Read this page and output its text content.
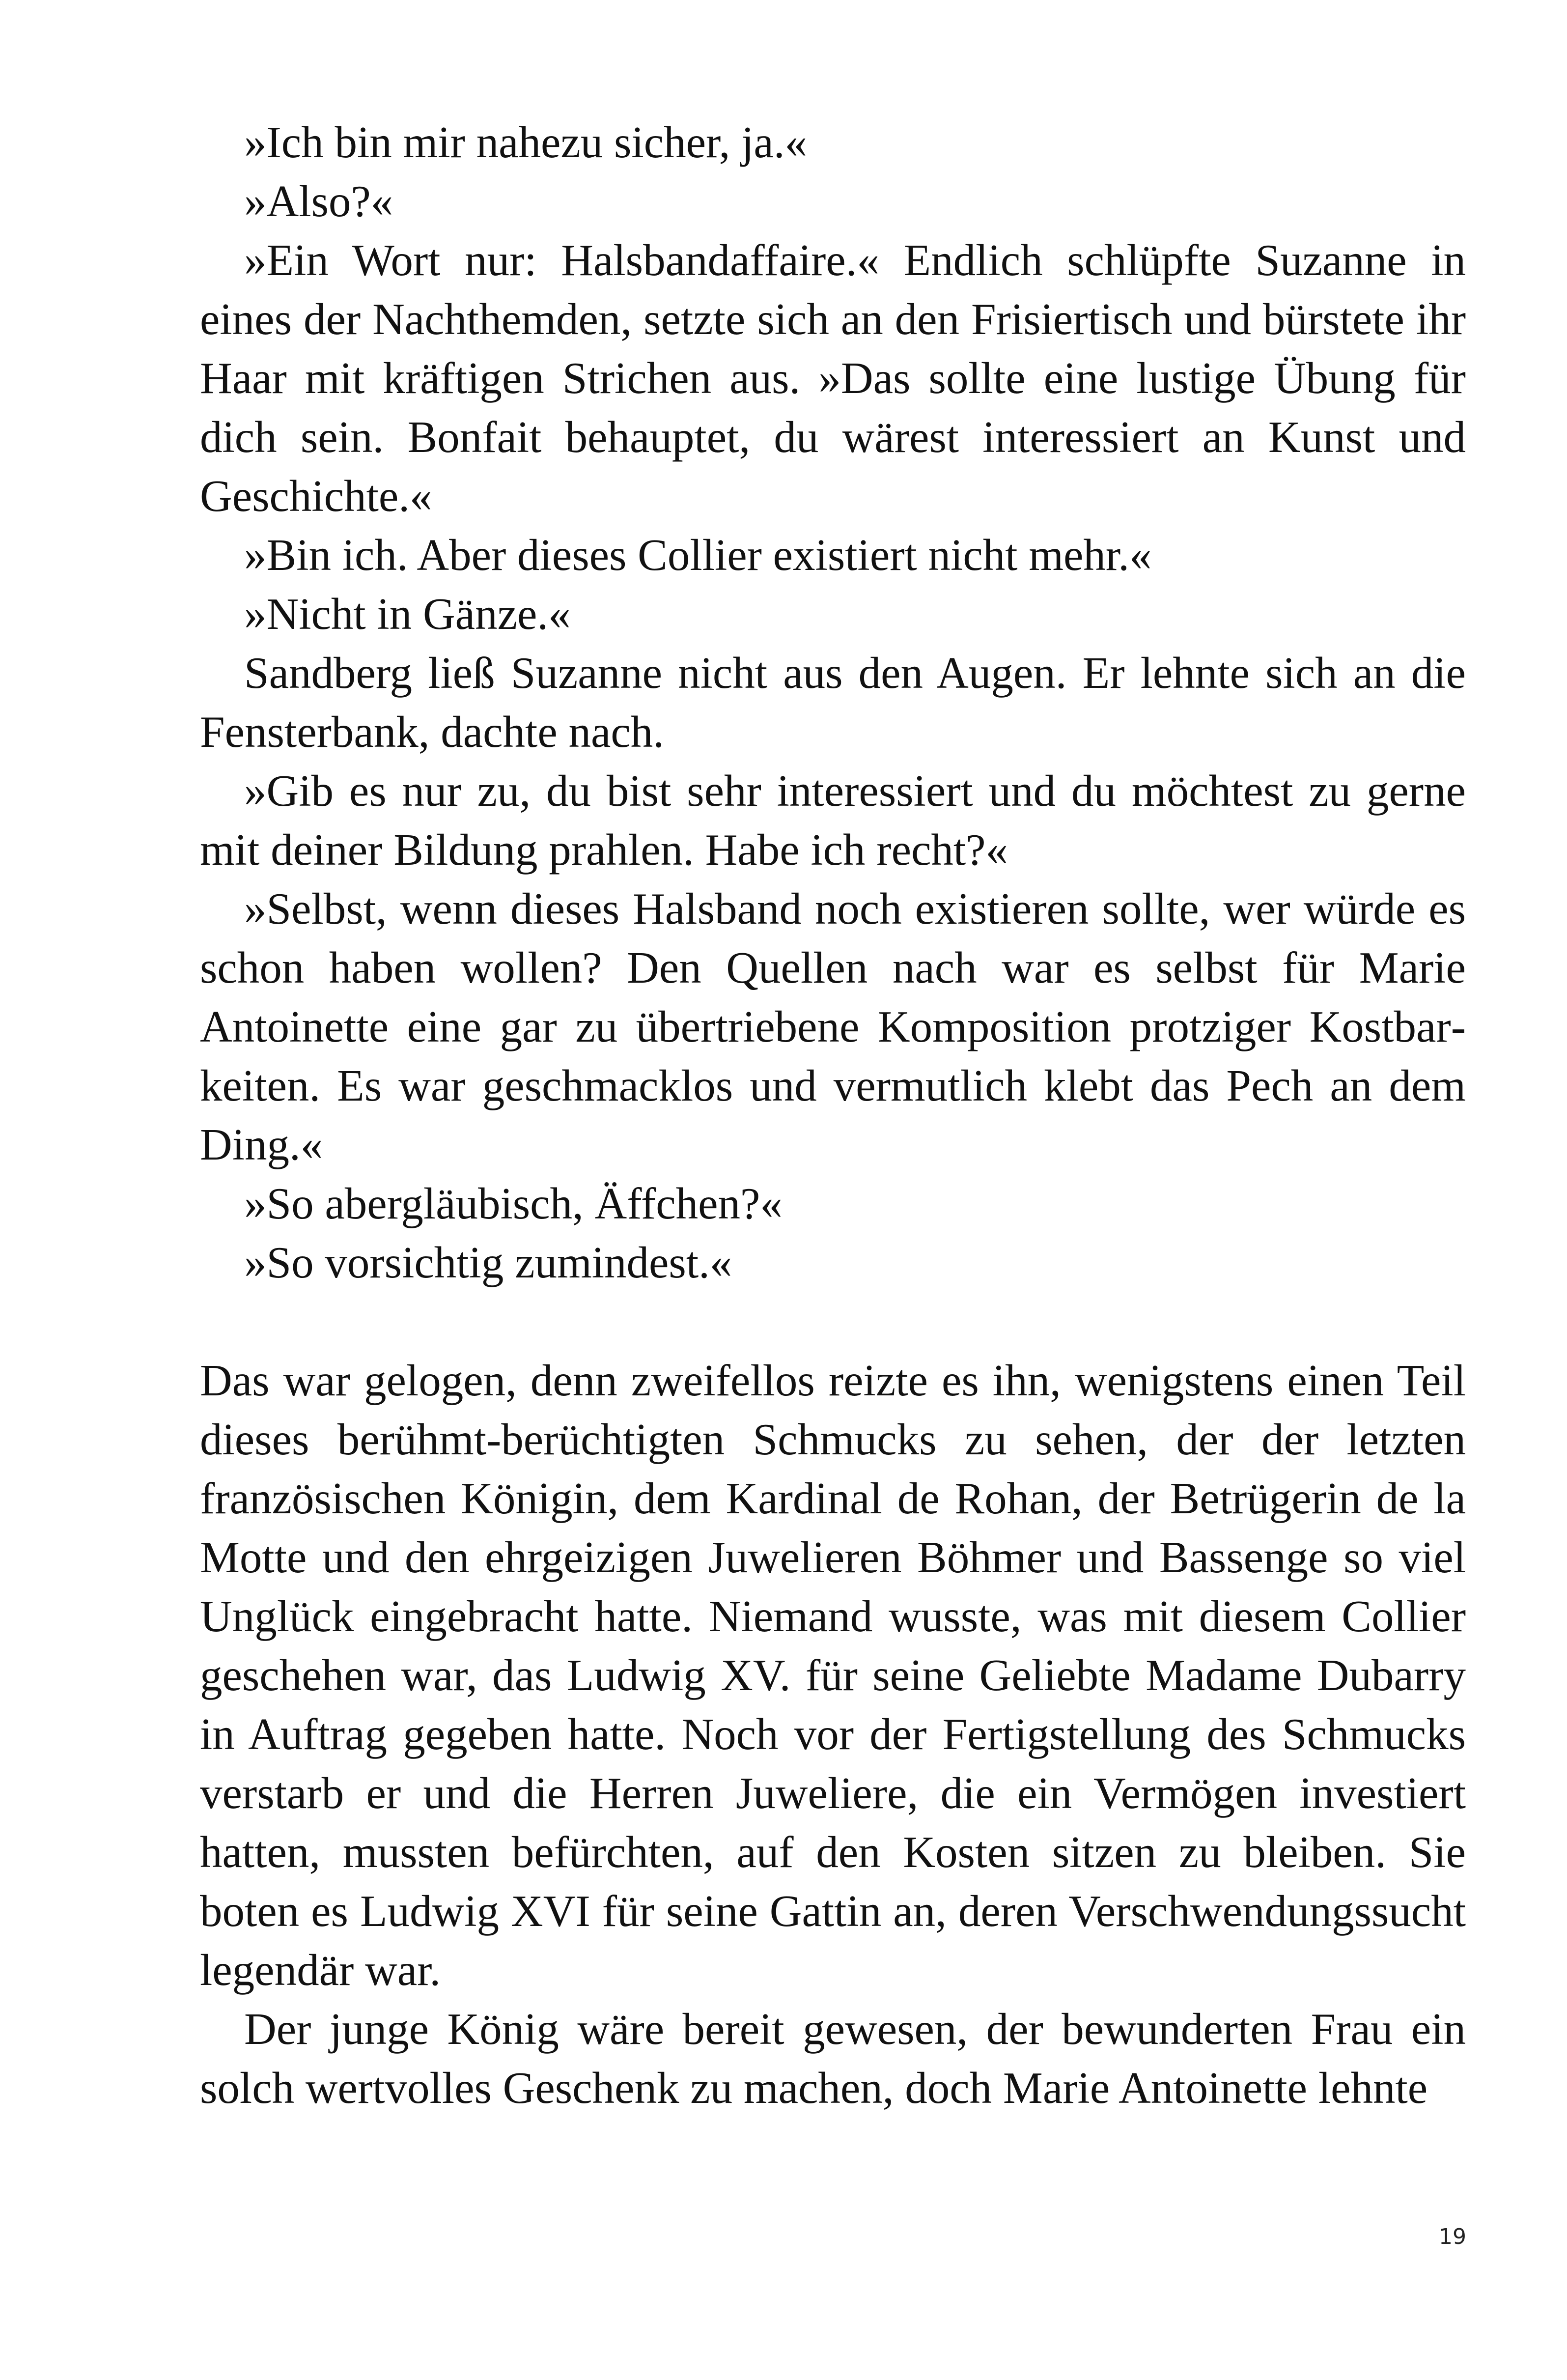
»Ich bin mir nahezu sicher, ja.«

»Also?«

»Ein Wort nur: Halsbandaffaire.« Endlich schlüpfte Suzanne in eines der Nachthemden, setzte sich an den Frisiertisch und bürstete ihr Haar mit kräftigen Strichen aus. »Das sollte eine lustige Übung für dich sein. Bonfait behauptet, du wärest interessiert an Kunst und Geschichte.«

»Bin ich. Aber dieses Collier existiert nicht mehr.«

»Nicht in Gänze.«

Sandberg ließ Suzanne nicht aus den Augen. Er lehnte sich an die Fensterbank, dachte nach.

»Gib es nur zu, du bist sehr interessiert und du möchtest zu gerne mit deiner Bildung prahlen. Habe ich recht?«

»Selbst, wenn dieses Halsband noch existieren sollte, wer würde es schon haben wollen? Den Quellen nach war es selbst für Marie Antoinette eine gar zu übertriebene Komposition protziger Kostbarkeiten. Es war geschmacklos und vermutlich klebt das Pech an dem Ding.«

»So abergläubisch, Äffchen?«

»So vorsichtig zumindest.«

Das war gelogen, denn zweifellos reizte es ihn, wenigstens einen Teil dieses berühmt-berüchtigten Schmucks zu sehen, der der letzten französischen Königin, dem Kardinal de Rohan, der Betrügerin de la Motte und den ehrgeizigen Juwelieren Böhmer und Bassenge so viel Unglück eingebracht hatte. Niemand wusste, was mit diesem Collier geschehen war, das Ludwig XV. für seine Geliebte Madame Dubarry in Auftrag gegeben hatte. Noch vor der Fertigstellung des Schmucks verstarb er und die Herren Juweliere, die ein Vermögen investiert hatten, mussten befürchten, auf den Kosten sitzen zu bleiben. Sie boten es Ludwig XVI für seine Gattin an, deren Verschwendungssucht legendär war.

Der junge König wäre bereit gewesen, der bewunderten Frau ein solch wertvolles Geschenk zu machen, doch Marie Antoinette lehnte

19
